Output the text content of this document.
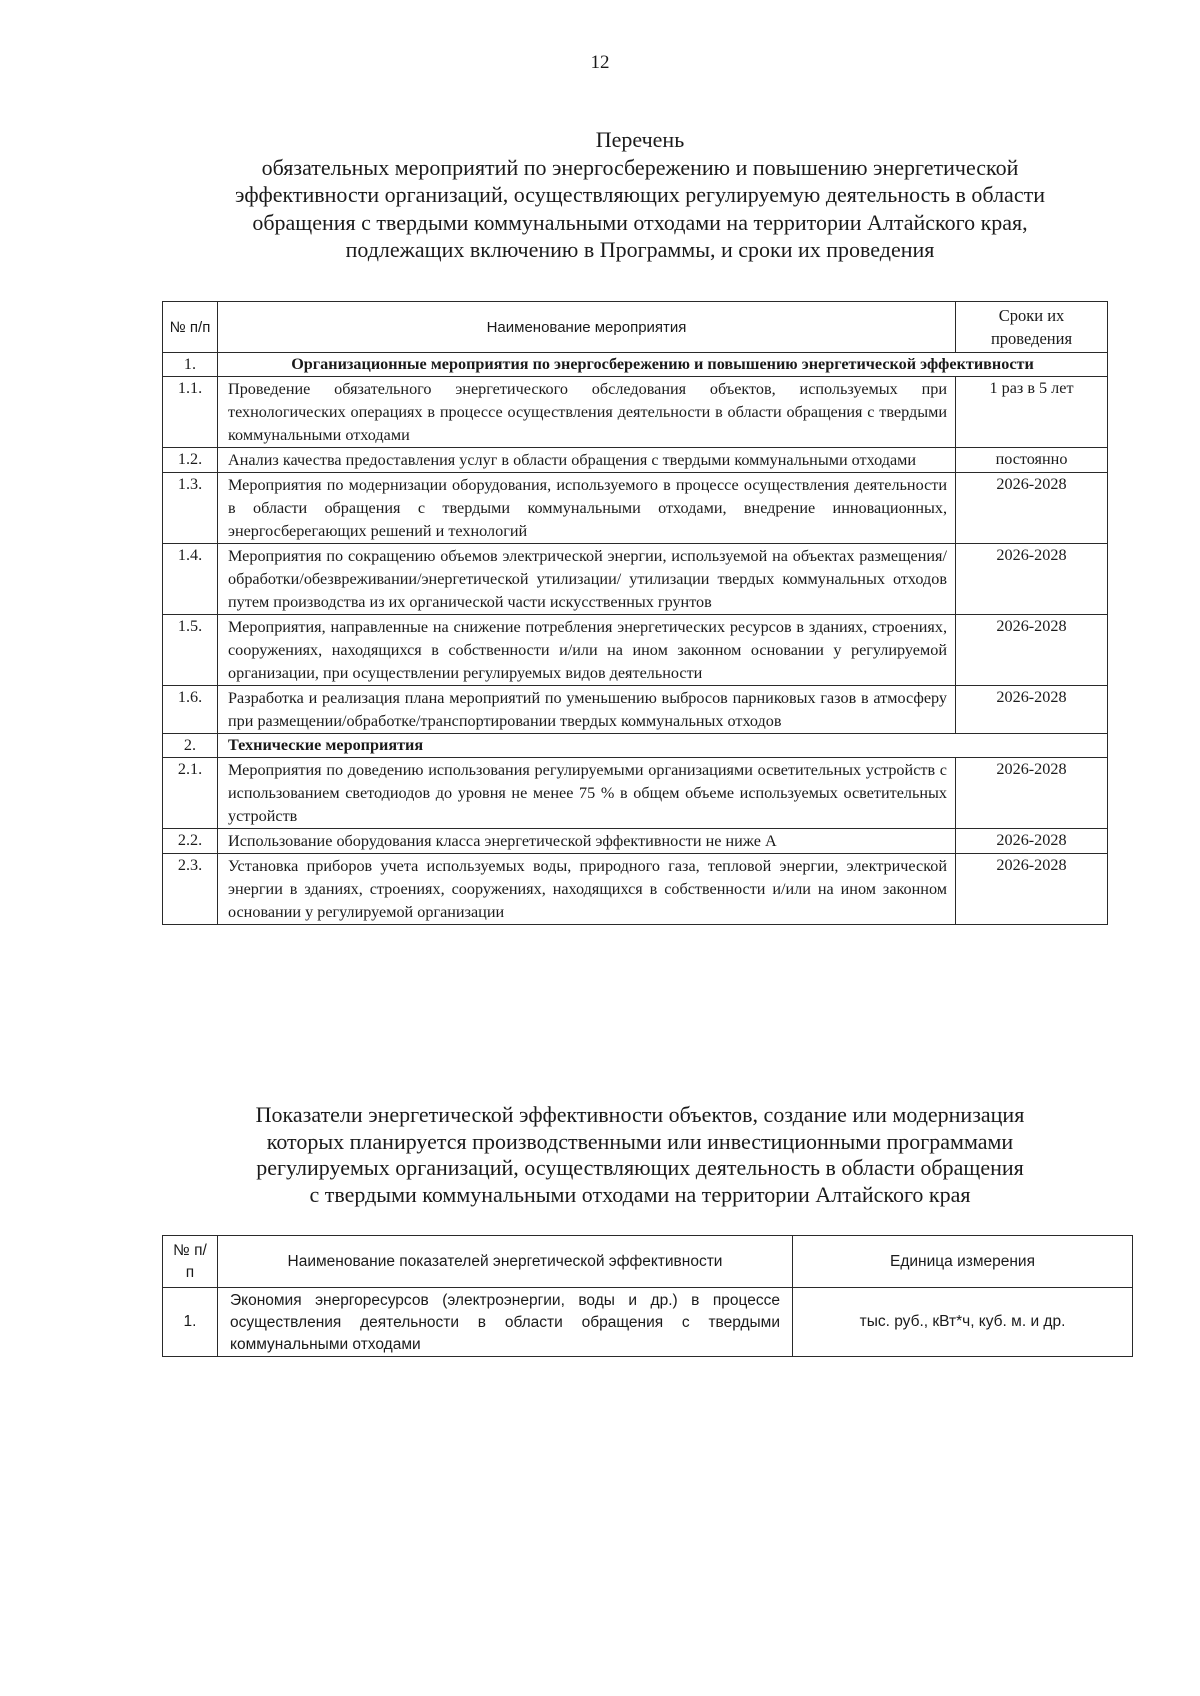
12
Перечень
обязательных мероприятий по энергосбережению и повышению энергетической
эффективности организаций, осуществляющих регулируемую деятельность в области
обращения с твердыми коммунальными отходами на территории Алтайского края,
подлежащих включению в Программы, и сроки их проведения
№ п/п	Наименование мероприятия	Сроки их проведения
1.	Организационные мероприятия по энергосбережению и повышению энергетической эффективности	
1.1.	Проведение обязательного энергетического обследования объектов, используемых при технологических операциях в процессе осуществления деятельности в области обращения с твердыми коммунальными отходами	1 раз в 5 лет
1.2.	Анализ качества предоставления услуг в области обращения с твердыми коммунальными отходами	постоянно
1.3.	Мероприятия по модернизации оборудования, используемого в процессе осуществления деятельности в области обращения с твердыми коммунальными отходами, внедрение инновационных, энергосберегающих решений и технологий	2026-2028
1.4.	Мероприятия по сокращению объемов электрической энергии, используемой на объектах размещения/обработки/обезвреживании/энергетической утилизации/ утилизации твердых коммунальных отходов путем производства из их органической части искусственных грунтов	2026-2028
1.5.	Мероприятия, направленные на снижение потребления энергетических ресурсов в зданиях, строениях, сооружениях, находящихся в собственности и/или на ином законном основании у регулируемой организации, при осуществлении регулируемых видов деятельности	2026-2028
1.6.	Разработка и реализация плана мероприятий по уменьшению выбросов парниковых газов в атмосферу при размещении/обработке/транспортировании твердых коммунальных отходов	2026-2028
2.	Технические мероприятия	
2.1.	Мероприятия по доведению использования регулируемыми организациями осветительных устройств с использованием светодиодов до уровня не менее 75 % в общем объеме используемых осветительных устройств	2026-2028
2.2.	Использование оборудования класса энергетической эффективности не ниже А	2026-2028
2.3.	Установка приборов учета используемых воды, природного газа, тепловой энергии, электрической энергии в зданиях, строениях, сооружениях, находящихся в собственности и/или на ином законном основании у регулируемой организации	2026-2028
Показатели энергетической эффективности объектов, создание или модернизация
которых планируется производственными или инвестиционными программами
регулируемых организаций, осуществляющих деятельность в области обращения
с твердыми коммунальными отходами на территории Алтайского края
№ п/п	Наименование показателей энергетической эффективности	Единица измерения
1.	Экономия энергоресурсов (электроэнергии, воды и др.) в процессе осуществления деятельности в области обращения с твердыми коммунальными отходами	тыс. руб., кВт*ч, куб. м. и др.
